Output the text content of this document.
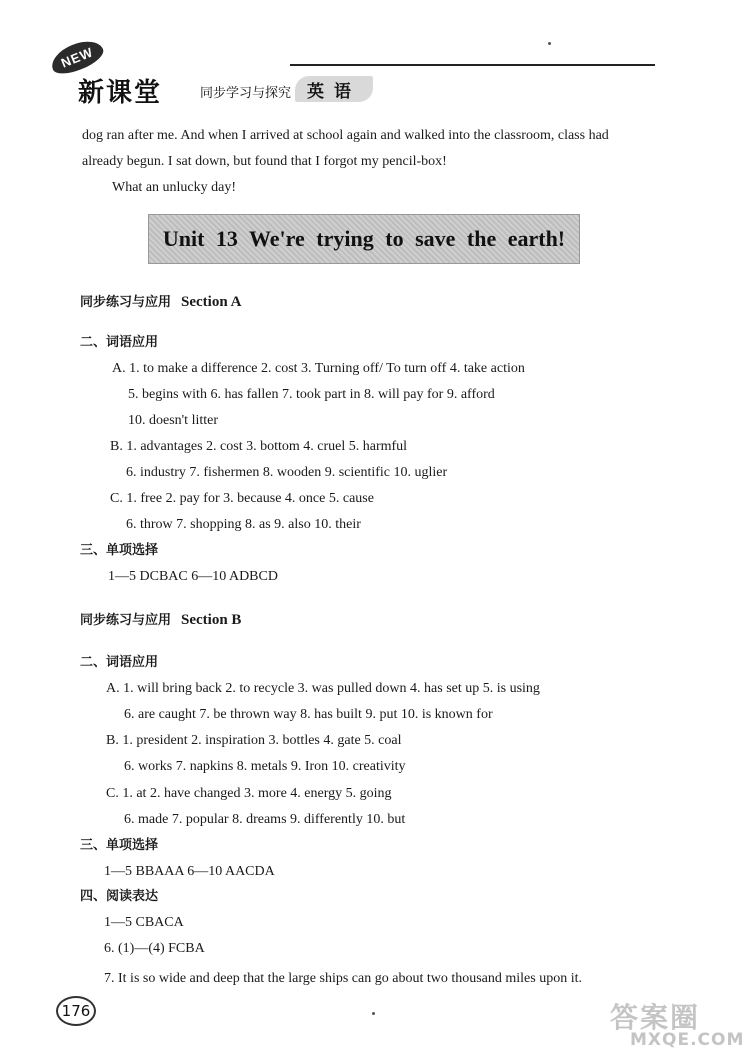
NEW
新课堂	同步学习与探究 英语
dog ran after me. And when I arrived at school again and walked into the classroom, class had
already begun. I sat down, but found that I forgot my pencil-box!
What an unlucky day!
Unit 13 We're trying to save the earth!
同步练习与应用 Section A
二、词语应用
A. 1. to make a difference 2. cost 3. Turning off/ To turn off 4. take action
5. begins with 6. has fallen 7. took part in 8. will pay for 9. afford
10. doesn't litter
B. 1. advantages 2. cost 3. bottom 4. cruel 5. harmful
6. industry 7. fishermen 8. wooden 9. scientific 10. uglier
C. 1. free 2. pay for 3. because 4. once 5. cause
6. throw 7. shopping 8. as 9. also 10. their
三、单项选择
1—5 DCBAC 6—10 ADBCD
同步练习与应用 Section B
二、词语应用
A. 1. will bring back 2. to recycle 3. was pulled down 4. has set up 5. is using
6. are caught 7. be thrown way 8. has built 9. put 10. is known for
B. 1. president 2. inspiration 3. bottles 4. gate 5. coal
6. works 7. napkins 8. metals 9. Iron 10. creativity
C. 1. at 2. have changed 3. more 4. energy 5. going
6. made 7. popular 8. dreams 9. differently 10. but
三、单项选择
1—5 BBAAA 6—10 AACDA
四、阅读表达
1—5 CBACA
6. (1)—(4) FCBA
7. It is so wide and deep that the large ships can go about two thousand miles upon it.
176	答案圈
MXQE.COM
